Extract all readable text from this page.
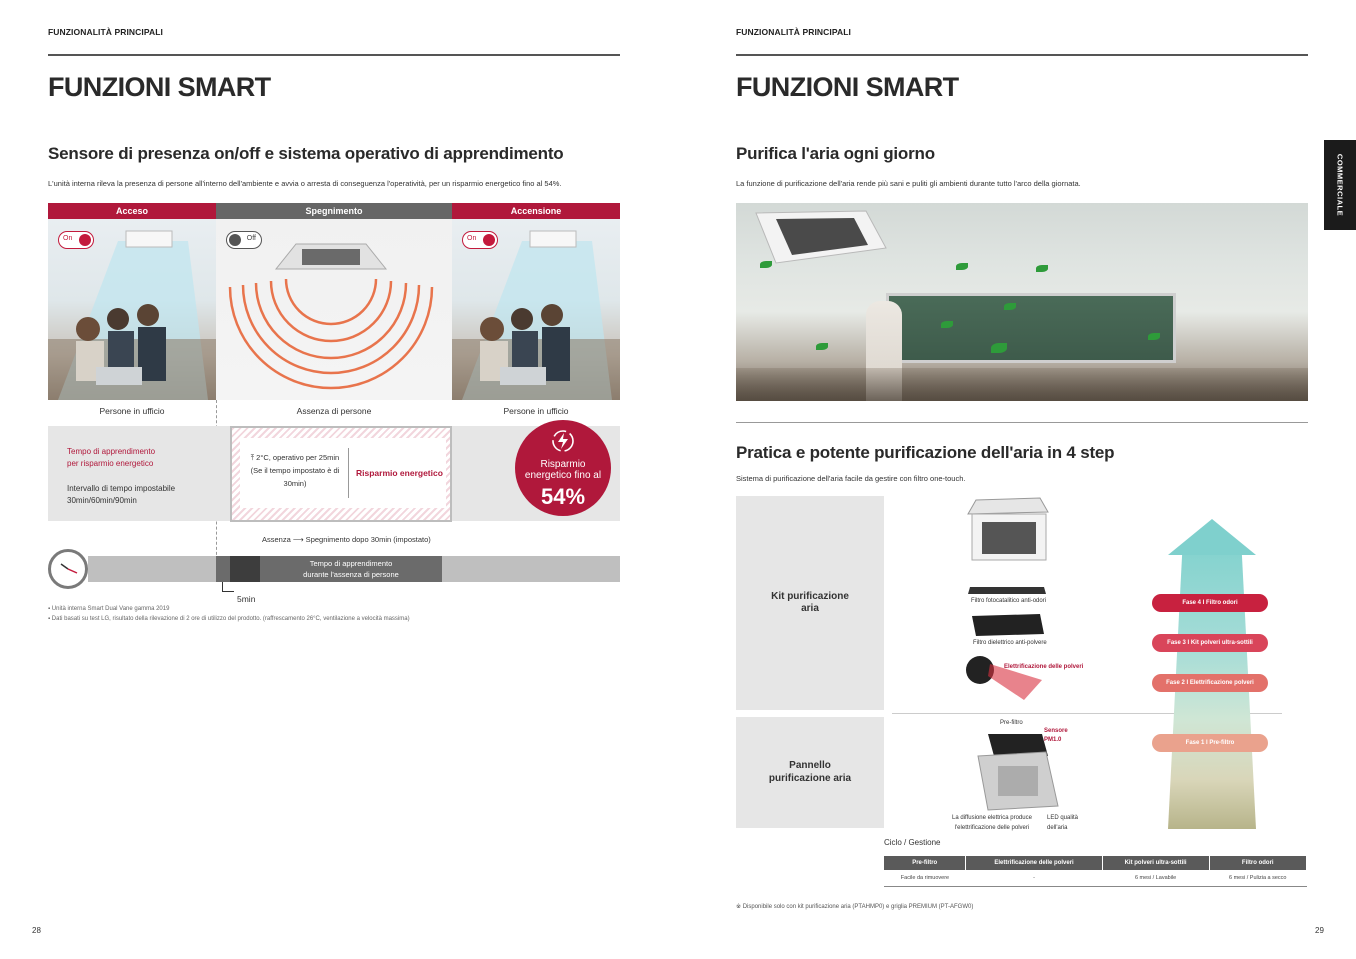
FUNZIONALITÀ PRINCIPALI
FUNZIONI SMART
Sensore di presenza on/off e sistema operativo di apprendimento
L'unità interna rileva la presenza di persone all'interno dell'ambiente e avvia o arresta di conseguenza l'operatività, per un risparmio energetico fino al 54%.
Acceso	Spegnimento	Accensione
On	Off	On
Persone in ufficio	Assenza di persone	Persone in ufficio
Tempo di apprendimento
per risparmio energetico
Intervallo di tempo impostabile
30min/60min/90min
⤒ 2°C, operativo per 25min
(Se il tempo impostato è di
30min)
Risparmio energetico
Risparmio
energetico fino al
54%
Assenza ⟶ Spegnimento dopo 30min (impostato)
Tempo di apprendimento
durante l'assenza di persone
5min
▪ Unità interna Smart Dual Vane gamma 2019
▪ Dati basati su test LG, risultato della rilevazione di 2 ore di utilizzo del prodotto. (raffrescamento 26°C, ventilazione a velocità massima)
28
FUNZIONALITÀ PRINCIPALI
FUNZIONI SMART
COMMERCIALE
Purifica l'aria ogni giorno
La funzione di purificazione dell'aria rende più sani e puliti gli ambienti durante tutto l'arco della giornata.
Pratica e potente purificazione dell'aria in 4 step
Sistema di purificazione dell'aria facile da gestire con filtro one-touch.
Kit purificazione
aria
Pannello
purificazione aria
Filtro fotocatalitico anti-odori
Filtro dielettrico anti-polvere
Elettrificazione delle polveri
Pre-filtro
Sensore
PM1.0
La diffusione elettrica produce
l'elettrificazione delle polveri
LED qualità
dell'aria
Fase 4 I Filtro odori
Fase 3 I Kit polveri ultra-sottili
Fase 2 I Elettrificazione polveri
Fase 1 I Pre-filtro
Ciclo / Gestione
※ Disponibile solo con kit purificazione aria (PTAHMP0) e griglia PREMIUM (PT-AFGW0)
29
Pre-filtro	Elettrificazione delle polveri	Kit polveri ultra-sottili	Filtro odori
Facile da rimuovere	-	6 mesi / Lavabile	6 mesi / Pulizia a secco
